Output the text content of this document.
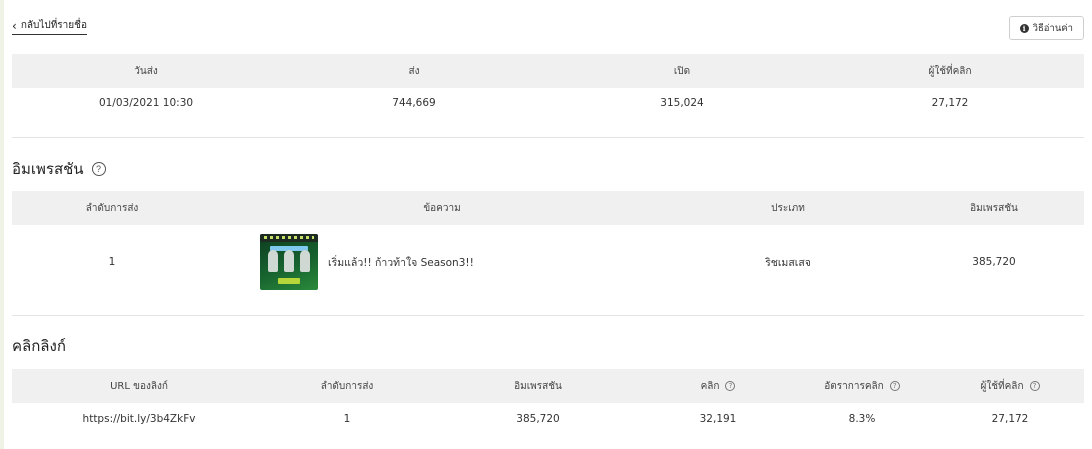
‹ กลับไปที่รายชื่อ	i วิธีอ่านค่า
วันส่ง	ส่ง	เปิด	ผู้ใช้ที่คลิก
01/03/2021 10:30	744,669	315,024	27,172
อิมเพรสชัน	?
ลำดับการส่ง	ข้อความ	ประเภท	อิมเพรสชัน
1	เริ่มแล้ว!! ก้าวท้าใจ Season3!!	ริชเมสเสจ	385,720
คลิกลิงก์
URL ของลิงก์	ลำดับการส่ง	อิมเพรสชัน	คลิก ?	อัตราการคลิก ?	ผู้ใช้ที่คลิก ?
https://bit.ly/3b4ZkFv	1	385,720	32,191	8.3%	27,172
